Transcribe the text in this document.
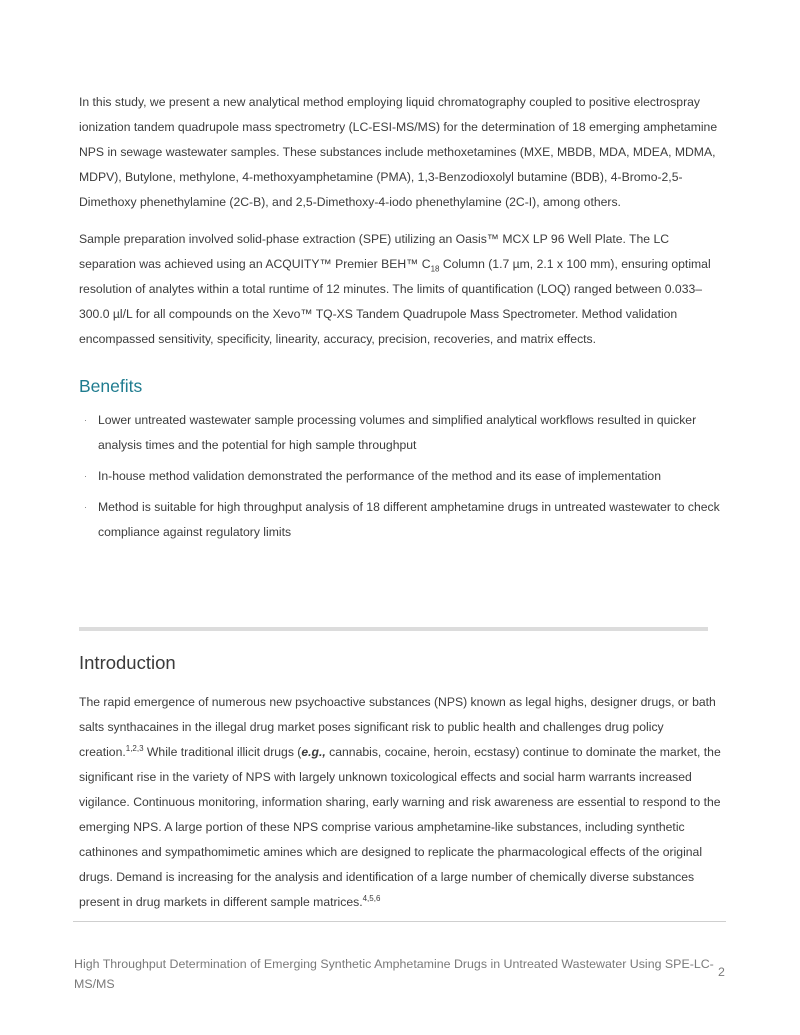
In this study, we present a new analytical method employing liquid chromatography coupled to positive electrospray ionization tandem quadrupole mass spectrometry (LC-ESI-MS/MS) for the determination of 18 emerging amphetamine NPS in sewage wastewater samples. These substances include methoxetamines (MXE, MBDB, MDA, MDEA, MDMA, MDPV), Butylone, methylone, 4-methoxyamphetamine (PMA), 1,3-Benzodioxolyl butamine (BDB), 4-Bromo-2,5-Dimethoxy phenethylamine (2C-B), and 2,5-Dimethoxy-4-iodo phenethylamine (2C-I), among others.

Sample preparation involved solid-phase extraction (SPE) utilizing an Oasis™ MCX LP 96 Well Plate. The LC separation was achieved using an ACQUITY™ Premier BEH™ $C_{18}$ Column (1.7 µm, 2.1 x 100 mm), ensuring optimal resolution of analytes within a total runtime of 12 minutes. The limits of quantification (LOQ) ranged between 0.033–300.0 µl/L for all compounds on the Xevo™ TQ-XS Tandem Quadrupole Mass Spectrometer. Method validation encompassed sensitivity, specificity, linearity, accuracy, precision, recoveries, and matrix effects.

Benefits
· Lower untreated wastewater sample processing volumes and simplified analytical workflows resulted in quicker analysis times and the potential for high sample throughput
· In-house method validation demonstrated the performance of the method and its ease of implementation
· Method is suitable for high throughput analysis of 18 different amphetamine drugs in untreated wastewater to check compliance against regulatory limits
Introduction

The rapid emergence of numerous new psychoactive substances (NPS) known as legal highs, designer drugs, or bath salts synthacaines in the illegal drug market poses significant risk to public health and challenges drug policy creation.$^{1,2,3}$ While traditional illicit drugs (e.g., cannabis, cocaine, heroin, ecstasy) continue to dominate the market, the significant rise in the variety of NPS with largely unknown toxicological effects and social harm warrants increased vigilance. Continuous monitoring, information sharing, early warning and risk awareness are essential to respond to the emerging NPS. A large portion of these NPS comprise various amphetamine-like substances, including synthetic cathinones and sympathomimetic amines which are designed to replicate the pharmacological effects of the original drugs. Demand is increasing for the analysis and identification of a large number of chemically diverse substances present in drug markets in different sample matrices.$^{4,5,6}$

High Throughput Determination of Emerging Synthetic Amphetamine Drugs in Untreated Wastewater Using SPE-LC-MS/MS
2
